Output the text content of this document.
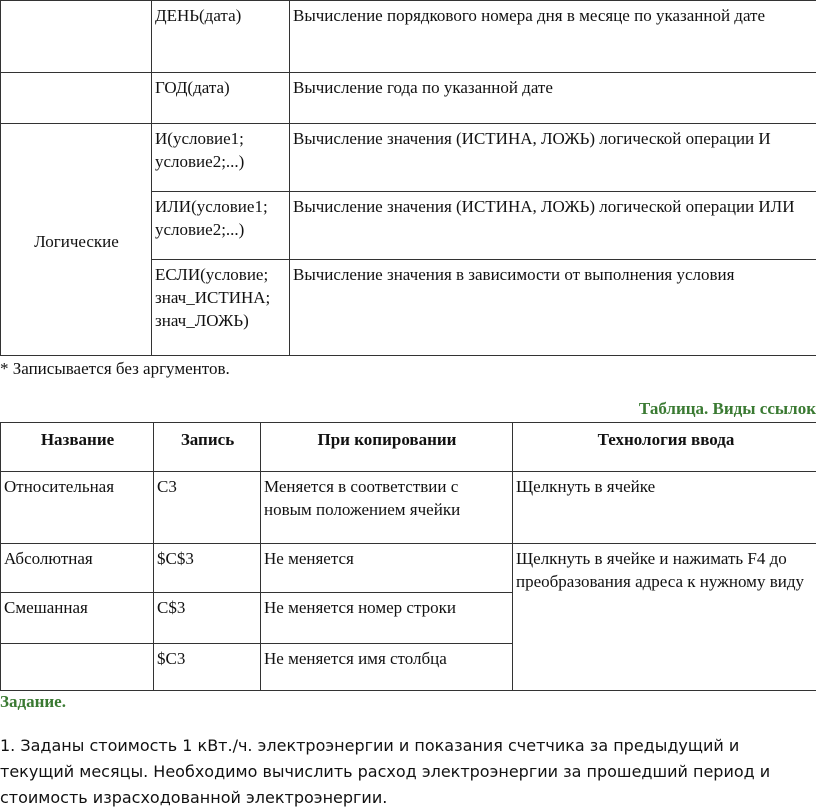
	ДЕНЬ(дата)	Вычисление порядкового номера дня в месяце по указанной дате
	ГОД(дата)	Вычисление года по указанной дате
Логические	И(условие1; условие2;...)	Вычисление значения (ИСТИНА, ЛОЖЬ) логической операции И
	ИЛИ(условие1; условие2;...)	Вычисление значения (ИСТИНА, ЛОЖЬ) логической операции ИЛИ
	ЕСЛИ(условие; знач_ИСТИНА; знач_ЛОЖЬ)	Вычисление значения в зависимости от выполнения условия
* Записывается без аргументов.
Таблица. Виды ссылок
Название	Запись	При копировании	Технология ввода
Относительная	C3	Меняется в соответствии с новым положением ячейки	Щелкнуть в ячейке
Абсолютная	$C$3	Не меняется	Щелкнуть в ячейке и нажимать F4 до преобразования адреса к нужному виду
Смешанная	C$3	Не меняется номер строки	
	$C3	Не меняется имя столбца	
Задание.
1. Заданы стоимость 1 кВт./ч. электроэнергии и показания счетчика за предыдущий и текущий месяцы. Необходимо вычислить расход электроэнергии за прошедший период и стоимость израсходованной электроэнергии.
